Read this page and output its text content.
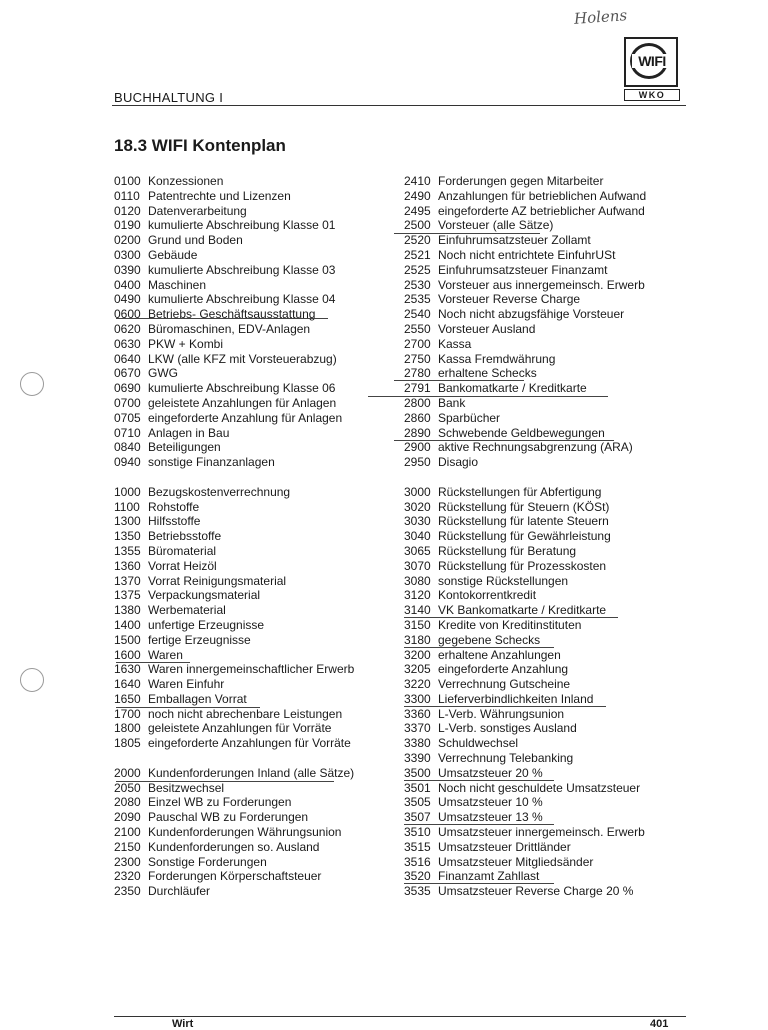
Holens
WIFI
WKO
BUCHHALTUNG I
18.3 WIFI Kontenplan
0100 Konzessionen
0110 Patentrechte und Lizenzen
0120 Datenverarbeitung
0190 kumulierte Abschreibung Klasse 01
0200 Grund und Boden
0300 Gebäude
0390 kumulierte Abschreibung Klasse 03
0400 Maschinen
0490 kumulierte Abschreibung Klasse 04
0600 Betriebs- Geschäftsausstattung
0620 Büromaschinen, EDV-Anlagen
0630 PKW + Kombi
0640 LKW (alle KFZ mit Vorsteuerabzug)
0670 GWG
0690 kumulierte Abschreibung Klasse 06
0700 geleistete Anzahlungen für Anlagen
0705 eingeforderte Anzahlung für Anlagen
0710 Anlagen in Bau
0840 Beteiligungen
0940 sonstige Finanzanlagen
1000 Bezugskostenverrechnung
1100 Rohstoffe
1300 Hilfsstoffe
1350 Betriebsstoffe
1355 Büromaterial
1360 Vorrat Heizöl
1370 Vorrat Reinigungsmaterial
1375 Verpackungsmaterial
1380 Werbematerial
1400 unfertige Erzeugnisse
1500 fertige Erzeugnisse
1600 Waren
1630 Waren innergemeinschaftlicher Erwerb
1640 Waren Einfuhr
1650 Emballagen Vorrat
1700 noch nicht abrechenbare Leistungen
1800 geleistete Anzahlungen für Vorräte
1805 eingeforderte Anzahlungen für Vorräte
2000 Kundenforderungen Inland (alle Sätze)
2050 Besitzwechsel
2080 Einzel WB zu Forderungen
2090 Pauschal WB zu Forderungen
2100 Kundenforderungen Währungsunion
2150 Kundenforderungen so. Ausland
2300 Sonstige Forderungen
2320 Forderungen Körperschaftsteuer
2350 Durchläufer
2410 Forderungen gegen Mitarbeiter
2490 Anzahlungen für betrieblichen Aufwand
2495 eingeforderte AZ betrieblicher Aufwand
2500 Vorsteuer (alle Sätze)
2520 Einfuhrumsatzsteuer Zollamt
2521 Noch nicht entrichtete EinfuhrUSt
2525 Einfuhrumsatzsteuer Finanzamt
2530 Vorsteuer aus innergemeinsch. Erwerb
2535 Vorsteuer Reverse Charge
2540 Noch nicht abzugsfähige Vorsteuer
2550 Vorsteuer Ausland
2700 Kassa
2750 Kassa Fremdwährung
2780 erhaltene Schecks
2791 Bankomatkarte / Kreditkarte
2800 Bank
2860 Sparbücher
2890 Schwebende Geldbewegungen
2900 aktive Rechnungsabgrenzung (ARA)
2950 Disagio
3000 Rückstellungen für Abfertigung
3020 Rückstellung für Steuern (KÖSt)
3030 Rückstellung für latente Steuern
3040 Rückstellung für Gewährleistung
3065 Rückstellung für Beratung
3070 Rückstellung für Prozesskosten
3080 sonstige Rückstellungen
3120 Kontokorrentkredit
3140 VK Bankomatkarte / Kreditkarte
3150 Kredite von Kreditinstituten
3180 gegebene Schecks
3200 erhaltene Anzahlungen
3205 eingeforderte Anzahlung
3220 Verrechnung Gutscheine
3300 Lieferverbindlichkeiten Inland
3360 L-Verb. Währungsunion
3370 L-Verb. sonstiges Ausland
3380 Schuldwechsel
3390 Verrechnung Telebanking
3500 Umsatzsteuer 20 %
3501 Noch nicht geschuldete Umsatzsteuer
3505 Umsatzsteuer 10 %
3507 Umsatzsteuer 13 %
3510 Umsatzsteuer innergemeinsch. Erwerb
3515 Umsatzsteuer Drittländer
3516 Umsatzsteuer Mitgliedsänder
3520 Finanzamt Zahllast
3535 Umsatzsteuer Reverse Charge 20 %
Wirt	401
